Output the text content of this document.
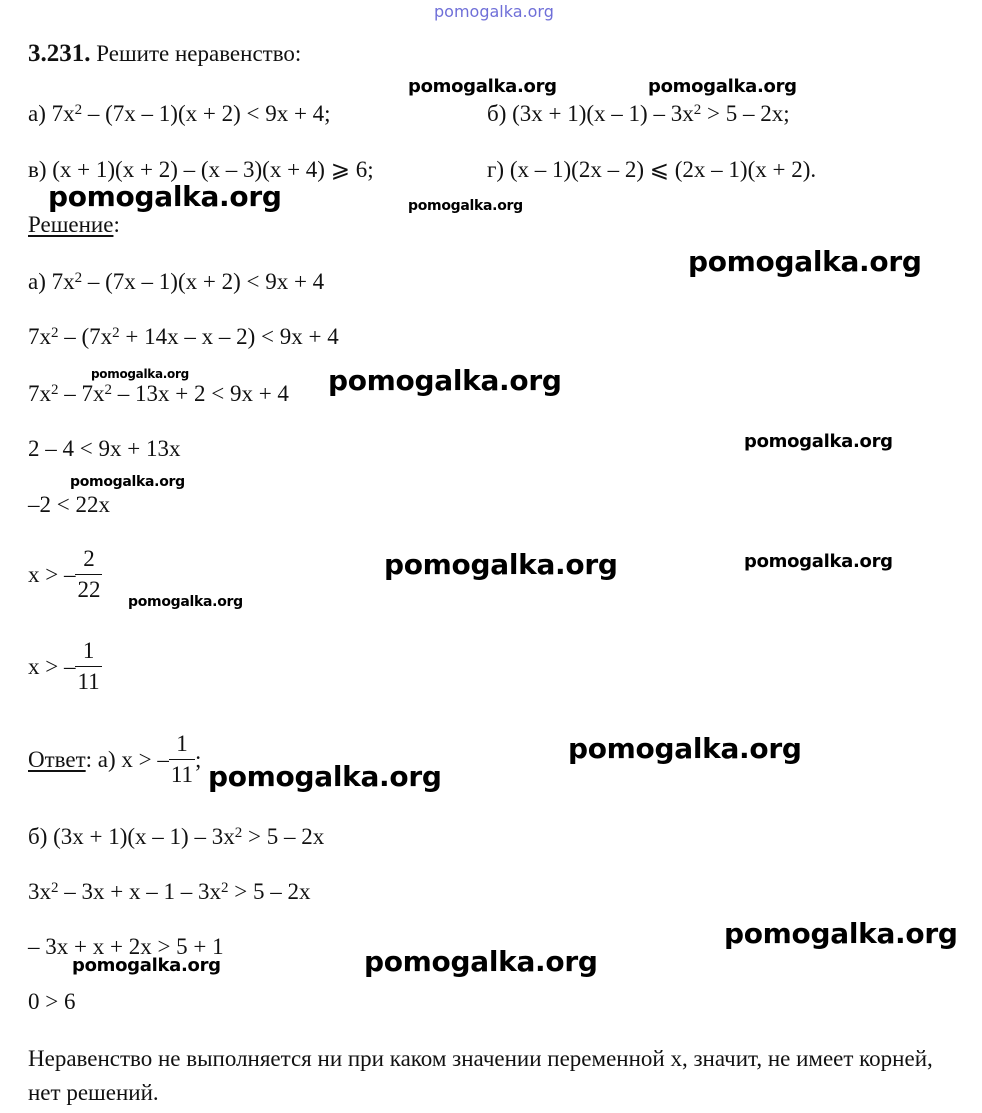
pomogalka.org
3.231. Решите неравенство:
а) $7x^2 - (7x - 1)(x + 2) < 9x + 4$;	б) $(3x + 1)(x - 1) - 3x^2 > 5 - 2x$;
в) (x + 1)(x + 2) – (x – 3)(x + 4) ⩾ 6;	г) (x – 1)(2x – 2) ⩽ (2x – 1)(x + 2).
Решение:
а) $7x^2 - (7x - 1)(x + 2) < 9x + 4$
$7x^2 - (7x^2 + 14x - x - 2) < 9x + 4$
$7x^2 - 7x^2 - 13x + 2 < 9x + 4$
2 – 4 < 9x + 13x
–2 < 22x
x > – $\frac{2}{22}$
x > – $\frac{1}{11}$
Ответ: а) x > – $\frac{1}{11}$ ;
б) $(3x + 1)(x - 1) - 3x^2 > 5 - 2x$
$3x^2 - 3x + x - 1 - 3x^2 > 5 - 2x$
– 3x + x + 2x > 5 + 1
0 > 6
Неравенство не выполняется ни при каком значении переменной x, значит, не имеет корней, нет решений.
pomogalka.org	pomogalka.org
pomogalka.org	pomogalka.org
pomogalka.org
pomogalka.org	pomogalka.org
pomogalka.org
pomogalka.org
pomogalka.org	pomogalka.org
pomogalka.org
pomogalka.org
pomogalka.org
pomogalka.org
pomogalka.org
pomogalka.org
